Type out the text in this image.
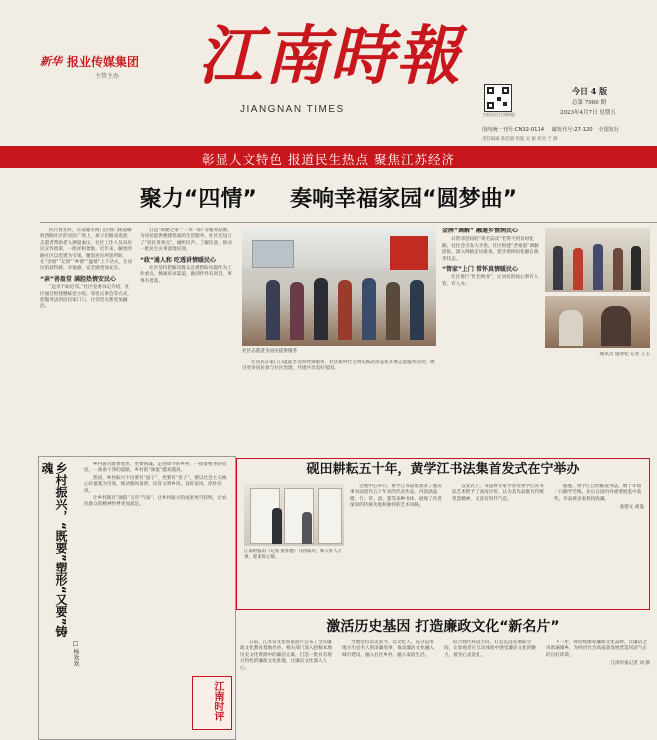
新华 报业传媒集团
主管主办 江南時報
JIANGNAN TIMES	扫码关注江南时报
今日 4 版
总第 7960 期
2023年4月7日 星期五
国内统一刊号:CN32-0114 邮发代号:27-120 全国发行
责任编辑 陈佳丽 组版 吴 敏 校对 于 静
彰显人文特色 报道民生热点 聚焦江苏经济
聚力“四情” 奏响幸福家园“圆梦曲”

四月春光好，在南通市海门区海门街道解放西路社区的居民广场上，孩子们嬉戏追逐，志愿者帮助老人测量血压，社区工作人员向居民宣传政策，一派祥和景象。近年来，解放西路社区以党建为引领，聚焦居民所思所盼，在“亲情”“友情”“乡情”“温情”上下功夫，让居民的获得感、幸福感、安全感更加充实。

“亲”善盈堂 满腔热情安民心

“远亲不如近邻。”社区党委书记介绍，社区通过组建楼栋党小组、邻里议事会等方式，把服务送到居民家门口，让邻里关系更加融洽。

打造“如厕之家”“一米一阳”等服务品牌，为居民提供便捷优质的生活服务。社区还设立了“居民说事点”，倾听民声、了解民意，推动一批民生实事落地见效。

“政”通人和 吃透讲情暖民心

社区坚持把解决群众急难愁盼问题作为工作重点，畅通诉求渠道，做到件件有回音、事事有着落。

社区志愿者为居民提供服务

让居民在家门口就能享受到周到服务，社区新时代文明实践站常态化开展志愿服务活动，吸引更多居民参与社区治理，共建共享美好家园。

金牌“调解” 融通乡情润民心

日常邻里间的“鸡毛蒜皮”若得不到及时化解，往往会引发大矛盾。社区组建“老娘舅”调解团队，深入网格走访排查，把矛盾纠纷化解在萌芽状态。

“管家”上门 常怀真情暖民心

社区推行“红色物业”，让居民的烦心事有人管、有人办。

通讯员 施春松 记者 王玉
乡村振兴，“既要”塑形“又要”铸魂
□ 杨欢欢

乡村振兴既要塑形，更要铸魂。走进如今的乡村，一排排整齐的房屋、一条条干净的道路，乡村的“颜值”越来越高。

然而，乡村振兴不仅要有“面子”，更要有“里子”。要以社会主义核心价值观为引领，推动移风易俗，培育文明乡风、良好家风、淳朴民风。

让乡村既有“颜值”又有“气质”，让乡村振兴的成果更可持续，让农民群众的精神世界更加富足。

江南时评
砚田耕耘五十年，黄学江书法集首发式在宁举办
江南时报讯（记者 张祥德）马到成功，如人好人万事，迎来好心情。

会展中心举行。黄学江书法集收录了他从事书法创作五十年来的代表作品，内容涵盖楷、行、草、隶、篆等多种书体，展现了作者深厚的传统功底和独特的艺术风格。

首发式上，书法界专家学者对黄学江的书法艺术给予了高度评价，认为其作品既有传统笔墨精神，又富有时代气息。

据悉，黄学江自幼酷爱书法，数十年如一日勤学苦练，先后在国内外重要展览中获奖，作品被多家机构收藏。

张德文 颜曼
激活历史基因 打造廉政文化“新名片”

日前，江苏省文化和旅游厅公布了全省廉政文化教育基地名单，相关部门深入挖掘本地历史文化资源中的廉洁元素，打造一批具有地方特色的廉政文化阵地，让廉洁文化深入人心。

当地坚持以史鉴今、以文化人，充分运用地方历史名人的清廉故事，推动廉洁文化融入城市建设、融入社区乡村、融入家庭生活。

结合现代科技手段，打造沉浸式展陈空间，让参观者在互动体验中感受廉洁文化的魅力，接受心灵洗礼。

下一步，将持续擦亮廉政文化品牌，让廉洁之风吹遍城乡，为经济社会高质量发展营造风清气正的良好环境。

江南时报记者 刘 静
